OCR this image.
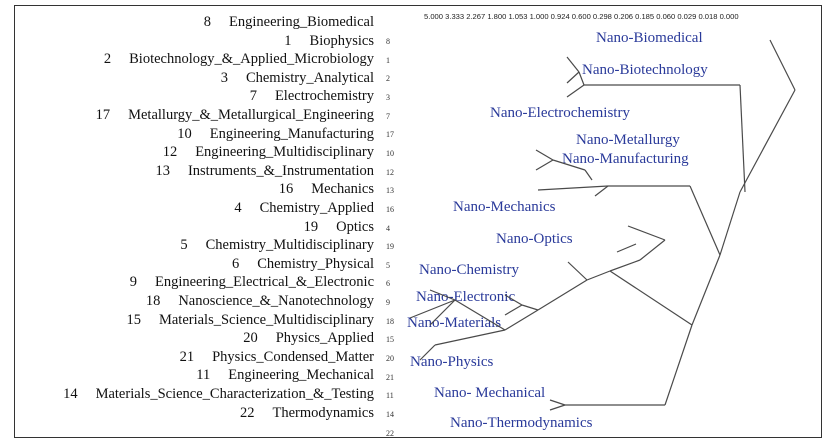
Engineering_Biomedical
8
Biophysics
1
Biotechnology_&_Applied_Microbiology
2
Chemistry_Analytical
3
Electrochemistry
7
Metallurgy_&_Metallurgical_Engineering
17
Engineering_Manufacturing
10
Engineering_Multidisciplinary
12
Instruments_&_Instrumentation
13
Mechanics
16
Chemistry_Applied
4
Optics
19
Chemistry_Multidisciplinary
5
Chemistry_Physical
6
Engineering_Electrical_&_Electronic
9
Nanoscience_&_Nanotechnology
18
Materials_Science_Multidisciplinary
15
Physics_Applied
20
Physics_Condensed_Matter
21
Engineering_Mechanical
11
Materials_Science_Characterization_&_Testing
14
Thermodynamics
22
8
1
2
3
7
17
10
12
13
16
4
19
5
6
9
18
15
20
21
11
14
22
5.000 3.333 2.267 1.800 1.053 1.000 0.924 0.600 0.298 0.206 0.185 0.060 0.029 0.018 0.000
Nano-Biomedical
Nano-Biotechnology
Nano-Electrochemistry
Nano-Metallurgy
Nano-Manufacturing
Nano-Mechanics
Nano-Optics
Nano-Chemistry
Nano-Electronic
Nano-Materials
Nano-Physics
Nano- Mechanical
Nano-Thermodynamics
